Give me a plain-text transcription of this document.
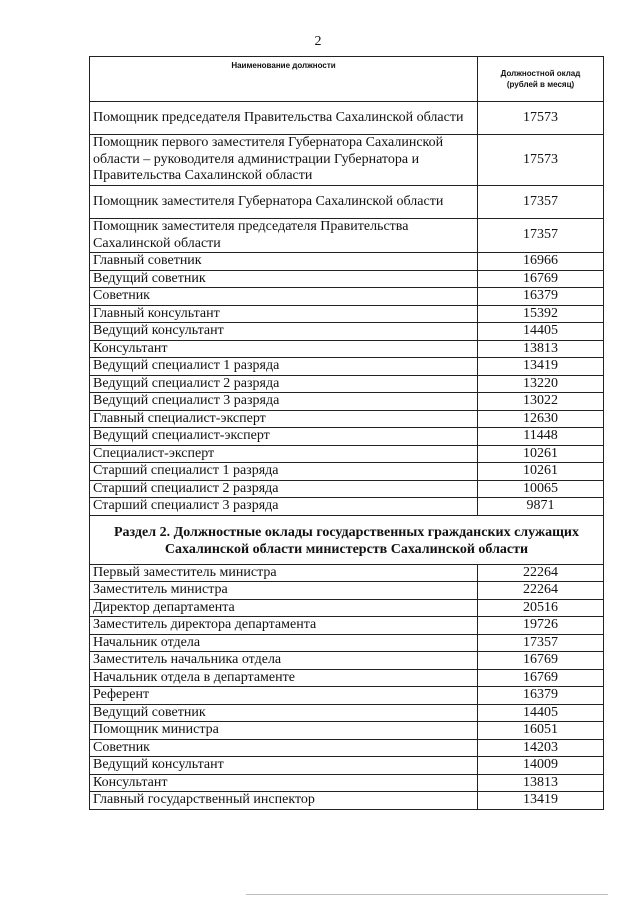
2
Наименование должности	Должностной оклад
(рублей в месяц)

Помощник председателя Правительства Сахалинской области	17573
Помощник первого заместителя Губернатора Сахалинской области – руководителя администрации Губернатора и Правительства Сахалинской области	17573
Помощник заместителя Губернатора Сахалинской области	17357
Помощник заместителя председателя Правительства Сахалинской области	17357
Главный советник	16966
Ведущий советник	16769
Советник	16379
Главный консультант	15392
Ведущий консультант	14405
Консультант	13813
Ведущий специалист 1 разряда	13419
Ведущий специалист 2 разряда	13220
Ведущий специалист 3 разряда	13022
Главный специалист-эксперт	12630
Ведущий специалист-эксперт	11448
Специалист-эксперт	10261
Старший специалист 1 разряда	10261
Старший специалист 2 разряда	10065
Старший специалист 3 разряда	9871
Раздел 2. Должностные оклады государственных гражданских служащих Сахалинской области министерств Сахалинской области	
Первый заместитель министра	22264
Заместитель министра	22264
Директор департамента	20516
Заместитель директора департамента	19726
Начальник отдела	17357
Заместитель начальника отдела	16769
Начальник отдела в департаменте	16769
Референт	16379
Ведущий советник	14405
Помощник министра	16051
Советник	14203
Ведущий консультант	14009
Консультант	13813
Главный государственный инспектор	13419
